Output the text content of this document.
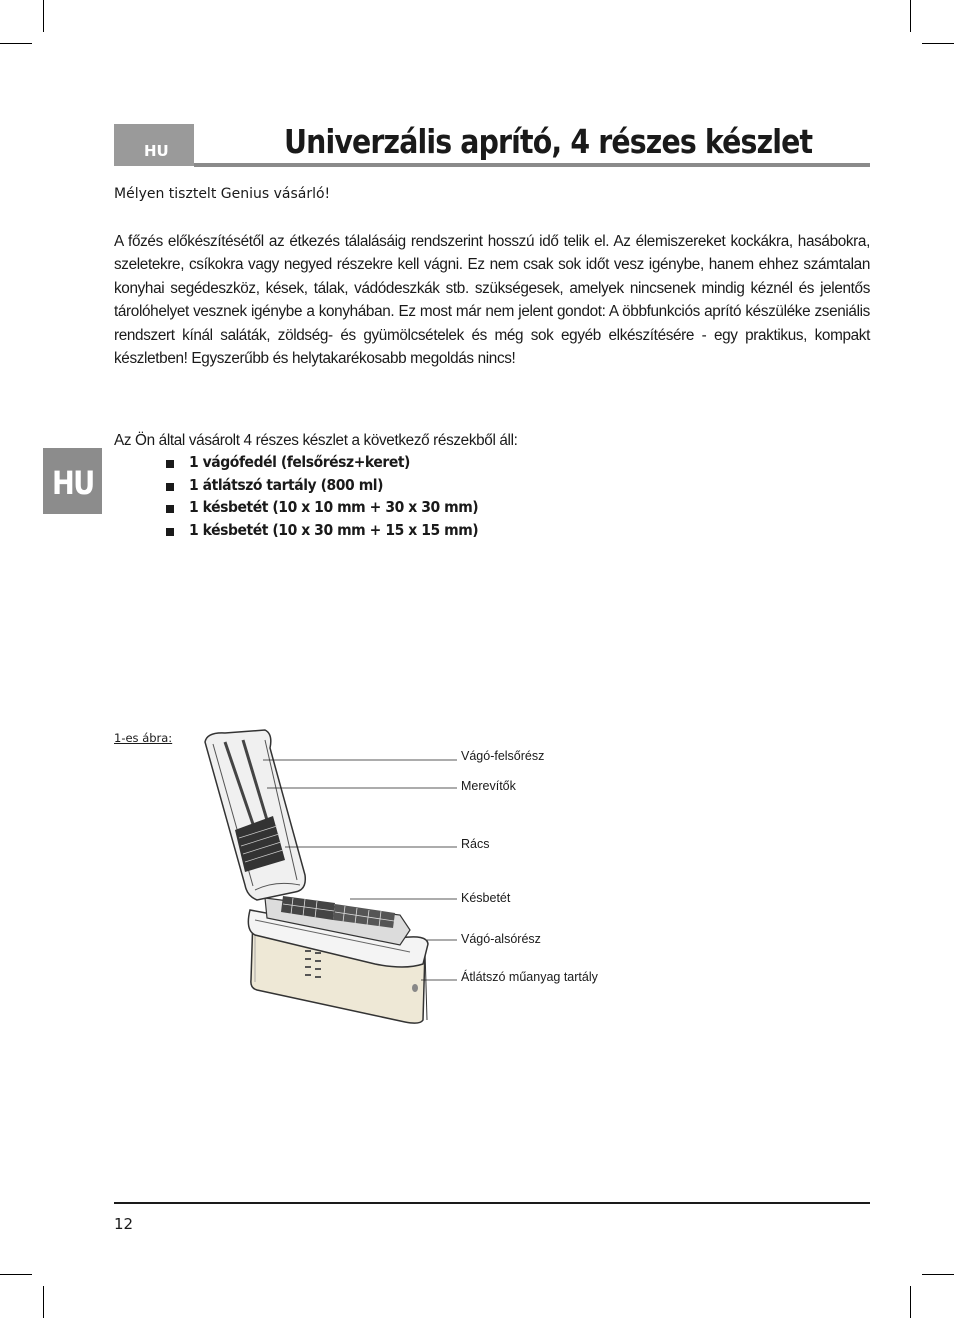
HU	Univerzális aprító, 4 részes készlet
HU
Mélyen tisztelt Genius vásárló!
A főzés előkészítésétől az étkezés tálalásáig rendszerint hosszú idő telik el. Az élemiszereket kockákra, hasábokra, szeletekre, csíkokra vagy negyed részekre kell vágni. Ez nem csak sok időt vesz igénybe, hanem ehhez számtalan konyhai segédeszköz, kések, tálak, vádódeszkák stb. szükségesek, amelyek nincsenek mindig kéznél és jelentős tárolóhelyet vesznek igénybe a konyhában. Ez most már nem jelent gondot: A öbbfunkciós aprító készüléke zseniális rendszert kínál saláták, zöldség- és gyümölcsételek és még sok egyéb elkészítésére - egy praktikus, kompakt készletben! Egyszerűbb és helytakarékosabb megoldás nincs!
Az Ön által vásárolt 4 részes készlet a következő részekből áll:
1 vágófedél (felsőrész+keret)
1 átlátszó tartály (800 ml)
1 késbetét (10 x 10 mm + 30 x 30 mm)
1 késbetét (10 x 30 mm + 15 x 15 mm)
1-es ábra:
Vágó-felsőrész
Merevítők
Rács
Késbetét
Vágó-alsórész
Átlátszó műanyag tartály
12
